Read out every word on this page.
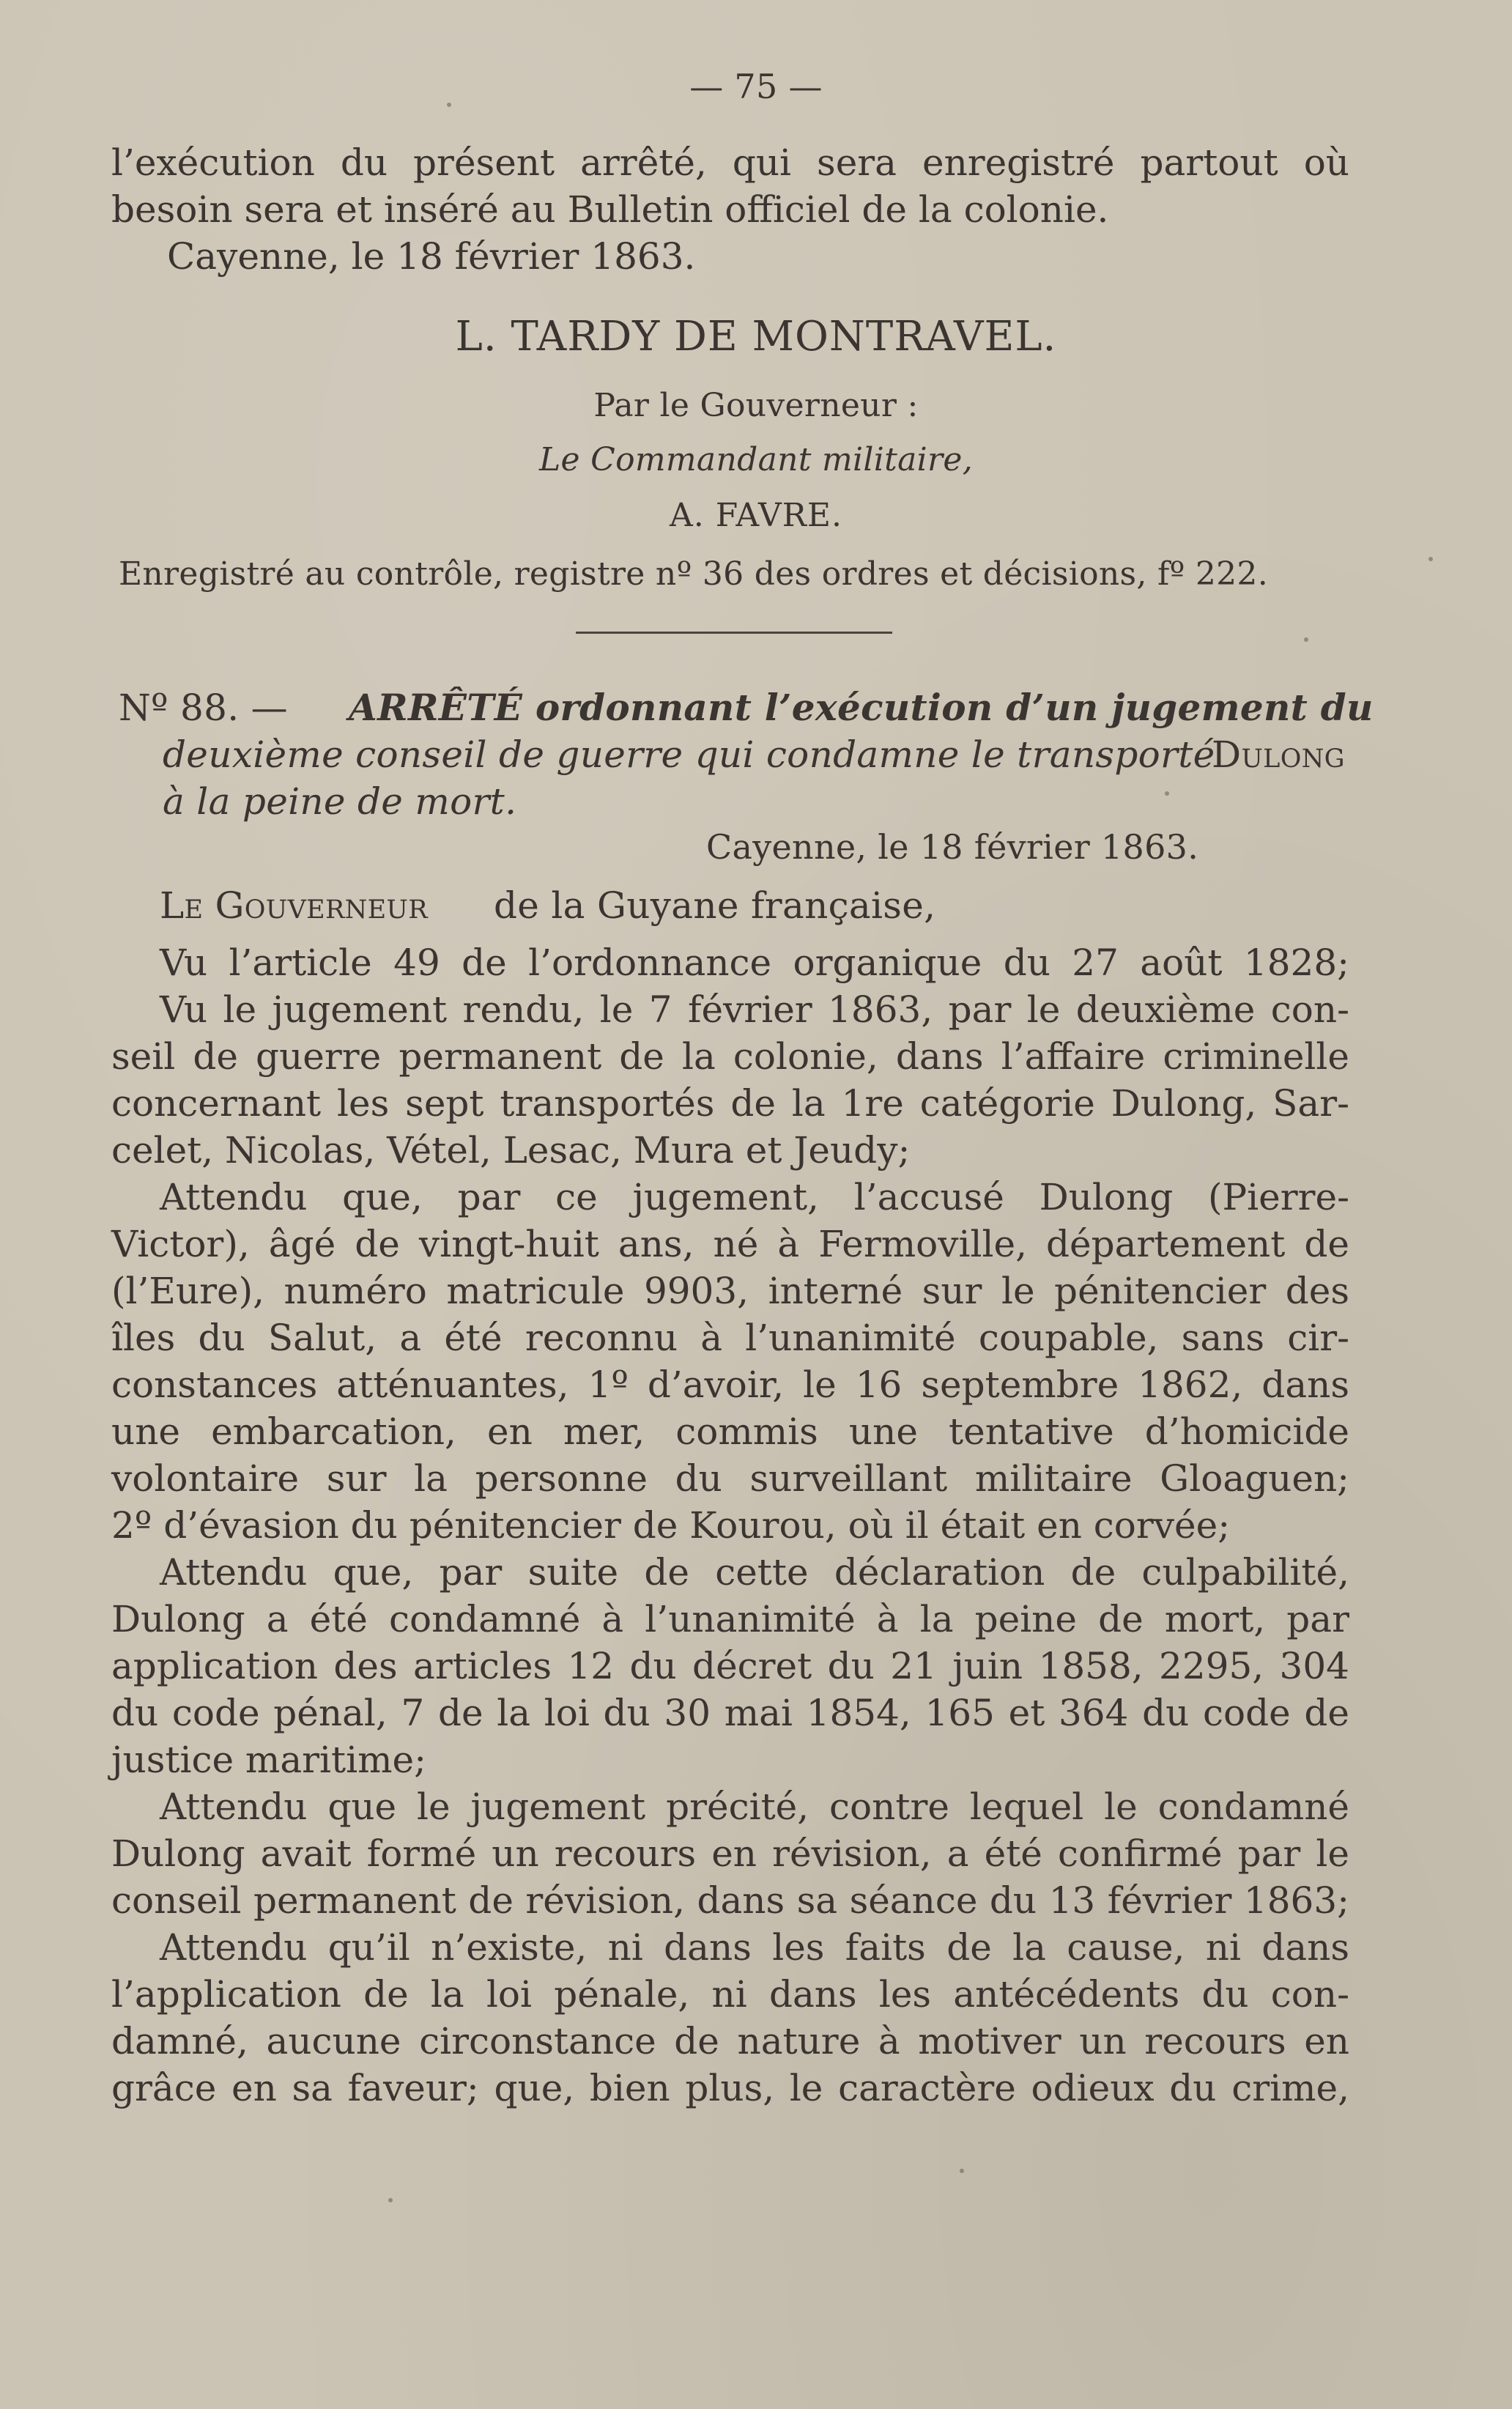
— 75 —
l’exécution du présent arrêté, qui sera enregistré partout où
besoin sera et inséré au Bulletin officiel de la colonie.
Cayenne, le 18 février 1863.
L. TARDY DE MONTRAVEL.
Par le Gouverneur :
Le Commandant militaire,
A. FAVRE.
Enregistré au contrôle, registre nº 36 des ordres et décisions, fº 222.
Nº 88. — ARRÊTÉ ordonnant l’exécution d’un jugement du
deuxième conseil de guerre qui condamne le transporté
Dulong
à la peine de mort.
Cayenne, le 18 février 1863.
Le Gouverneur de la Guyane française,
Vu l’article 49 de l’ordonnance organique du 27 août 1828;
Vu le jugement rendu, le 7 février 1863, par le deuxième con-
seil de guerre permanent de la colonie, dans l’affaire criminelle
concernant les sept transportés de la 1re catégorie Dulong, Sar-
celet, Nicolas, Vétel, Lesac, Mura et Jeudy;
Attendu que, par ce jugement, l’accusé Dulong (Pierre-
Victor), âgé de vingt-huit ans, né à Fermoville, département de
(l’Eure), numéro matricule 9903, interné sur le pénitencier des
îles du Salut, a été reconnu à l’unanimité coupable, sans cir-
constances atténuantes, 1º d’avoir, le 16 septembre 1862, dans
une embarcation, en mer, commis une tentative d’homicide
volontaire sur la personne du surveillant militaire Gloaguen;
2º d’évasion du pénitencier de Kourou, où il était en corvée;
Attendu que, par suite de cette déclaration de culpabilité,
Dulong a été condamné à l’unanimité à la peine de mort, par
application des articles 12 du décret du 21 juin 1858, 2295, 304
du code pénal, 7 de la loi du 30 mai 1854, 165 et 364 du code de
justice maritime;
Attendu que le jugement précité, contre lequel le condamné
Dulong avait formé un recours en révision, a été confirmé par le
conseil permanent de révision, dans sa séance du 13 février 1863;
Attendu qu’il n’existe, ni dans les faits de la cause, ni dans
l’application de la loi pénale, ni dans les antécédents du con-
damné, aucune circonstance de nature à motiver un recours en
grâce en sa faveur; que, bien plus, le caractère odieux du crime,
